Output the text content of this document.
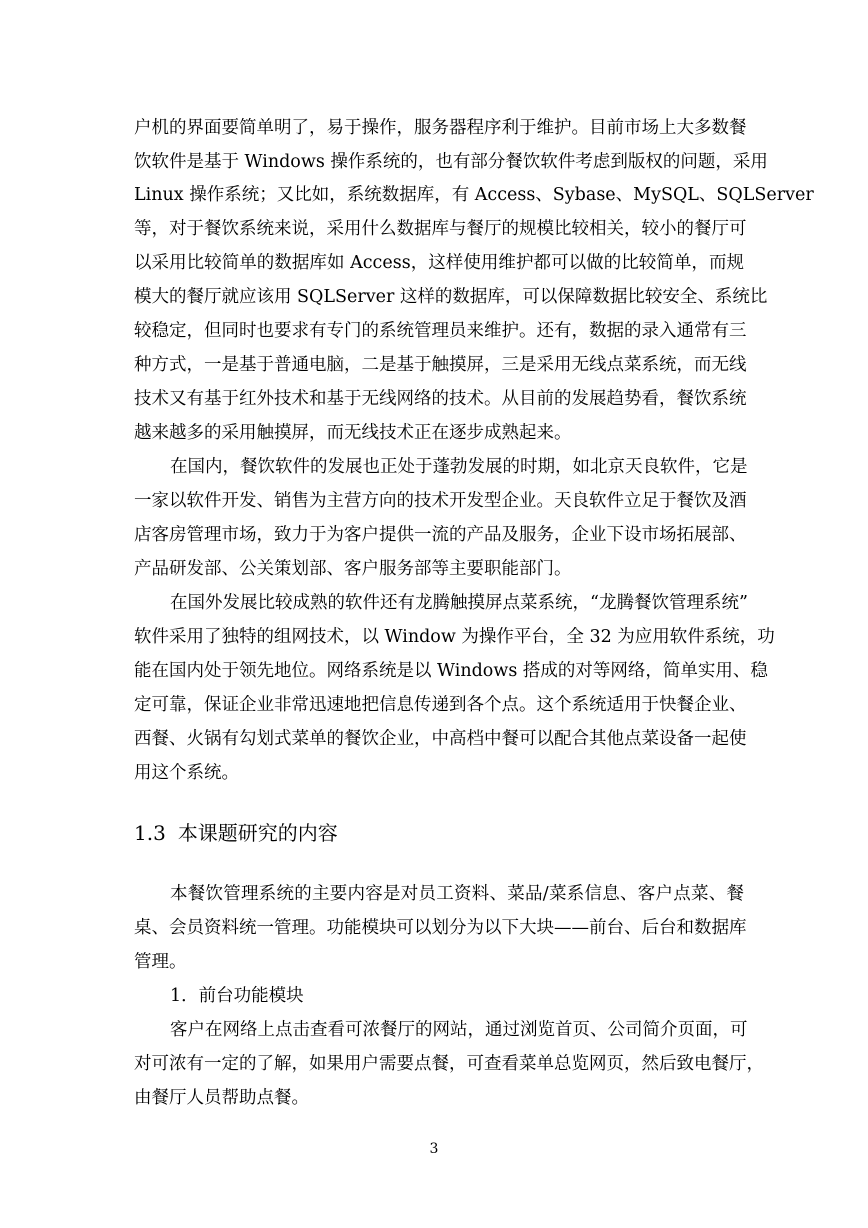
户机的界面要简单明了，易于操作，服务器程序利于维护。目前市场上大多数餐
饮软件是基于 Windows 操作系统的，也有部分餐饮软件考虑到版权的问题，采用
Linux 操作系统；又比如，系统数据库，有 Access、Sybase、MySQL、SQLServer
等，对于餐饮系统来说，采用什么数据库与餐厅的规模比较相关，较小的餐厅可
以采用比较简单的数据库如 Access，这样使用维护都可以做的比较简单，而规
模大的餐厅就应该用 SQLServer 这样的数据库，可以保障数据比较安全、系统比
较稳定，但同时也要求有专门的系统管理员来维护。还有，数据的录入通常有三
种方式，一是基于普通电脑，二是基于触摸屏，三是采用无线点菜系统，而无线
技术又有基于红外技术和基于无线网络的技术。从目前的发展趋势看，餐饮系统
越来越多的采用触摸屏，而无线技术正在逐步成熟起来。
在国内，餐饮软件的发展也正处于蓬勃发展的时期，如北京天良软件，它是
一家以软件开发、销售为主营方向的技术开发型企业。天良软件立足于餐饮及酒
店客房管理市场，致力于为客户提供一流的产品及服务，企业下设市场拓展部、
产品研发部、公关策划部、客户服务部等主要职能部门。
在国外发展比较成熟的软件还有龙腾触摸屏点菜系统，“龙腾餐饮管理系统”
软件采用了独特的组网技术，以 Window 为操作平台，全 32 为应用软件系统，功
能在国内处于领先地位。网络系统是以 Windows 搭成的对等网络，简单实用、稳
定可靠，保证企业非常迅速地把信息传递到各个点。这个系统适用于快餐企业、
西餐、火锅有勾划式菜单的餐饮企业，中高档中餐可以配合其他点菜设备一起使
用这个系统。
1.3 本课题研究的内容
本餐饮管理系统的主要内容是对员工资料、菜品/菜系信息、客户点菜、餐
桌、会员资料统一管理。功能模块可以划分为以下大块——前台、后台和数据库
管理。
1．前台功能模块
客户在网络上点击查看可浓餐厅的网站，通过浏览首页、公司简介页面，可
对可浓有一定的了解，如果用户需要点餐，可查看菜单总览网页，然后致电餐厅，
由餐厅人员帮助点餐。
3
